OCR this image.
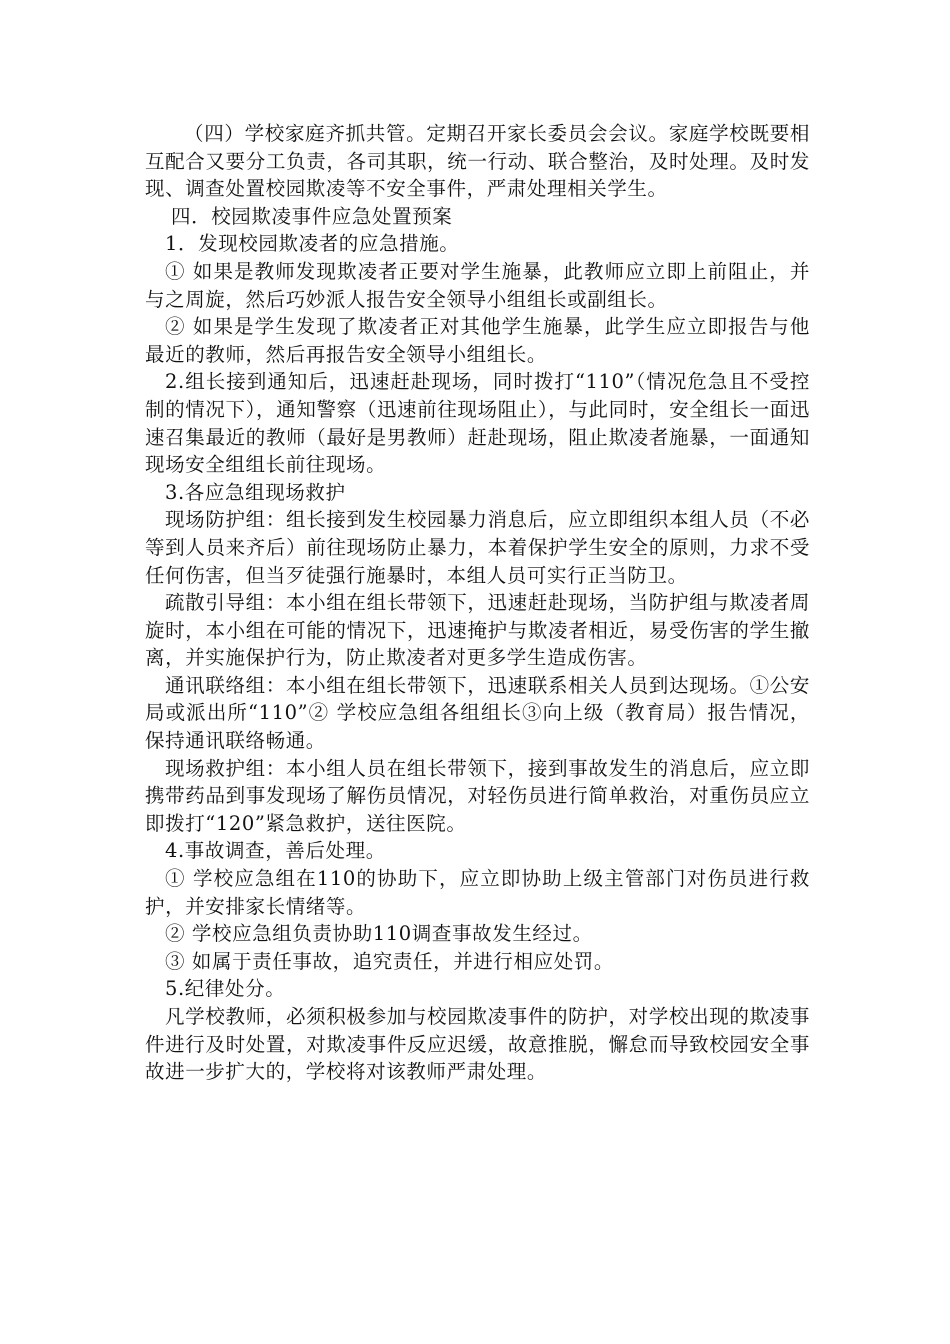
（四）学校家庭齐抓共管。定期召开家长委员会会议。家庭学校既要相互配合又要分工负责，各司其职，统一行动、联合整治，及时处理。及时发现、调查处置校园欺凌等不安全事件，严肃处理相关学生。

四．校园欺凌事件应急处置预案

1．发现校园欺凌者的应急措施。

① 如果是教师发现欺凌者正要对学生施暴，此教师应立即上前阻止，并与之周旋，然后巧妙派人报告安全领导小组组长或副组长。

② 如果是学生发现了欺凌者正对其他学生施暴，此学生应立即报告与他最近的教师，然后再报告安全领导小组组长。

2.组长接到通知后，迅速赶赴现场，同时拨打“110”（情况危急且不受控制的情况下），通知警察（迅速前往现场阻止），与此同时，安全组长一面迅速召集最近的教师（最好是男教师）赶赴现场，阻止欺凌者施暴，一面通知现场安全组组长前往现场。

3.各应急组现场救护

现场防护组：组长接到发生校园暴力消息后，应立即组织本组人员（不必等到人员来齐后）前往现场防止暴力，本着保护学生安全的原则，力求不受任何伤害，但当歹徒强行施暴时，本组人员可实行正当防卫。

疏散引导组：本小组在组长带领下，迅速赶赴现场，当防护组与欺凌者周旋时，本小组在可能的情况下，迅速掩护与欺凌者相近，易受伤害的学生撤离，并实施保护行为，防止欺凌者对更多学生造成伤害。

通讯联络组：本小组在组长带领下，迅速联系相关人员到达现场。①公安局或派出所“110”② 学校应急组各组组长③向上级（教育局）报告情况，保持通讯联络畅通。

现场救护组：本小组人员在组长带领下，接到事故发生的消息后，应立即携带药品到事发现场了解伤员情况，对轻伤员进行简单救治，对重伤员应立即拨打“120”紧急救护，送往医院。

4.事故调查，善后处理。

① 学校应急组在110的协助下，应立即协助上级主管部门对伤员进行救护，并安排家长情绪等。

② 学校应急组负责协助110调查事故发生经过。

③ 如属于责任事故，追究责任，并进行相应处罚。

5.纪律处分。

凡学校教师，必须积极参加与校园欺凌事件的防护，对学校出现的欺凌事件进行及时处置，对欺凌事件反应迟缓，故意推脱，懈怠而导致校园安全事故进一步扩大的，学校将对该教师严肃处理。
